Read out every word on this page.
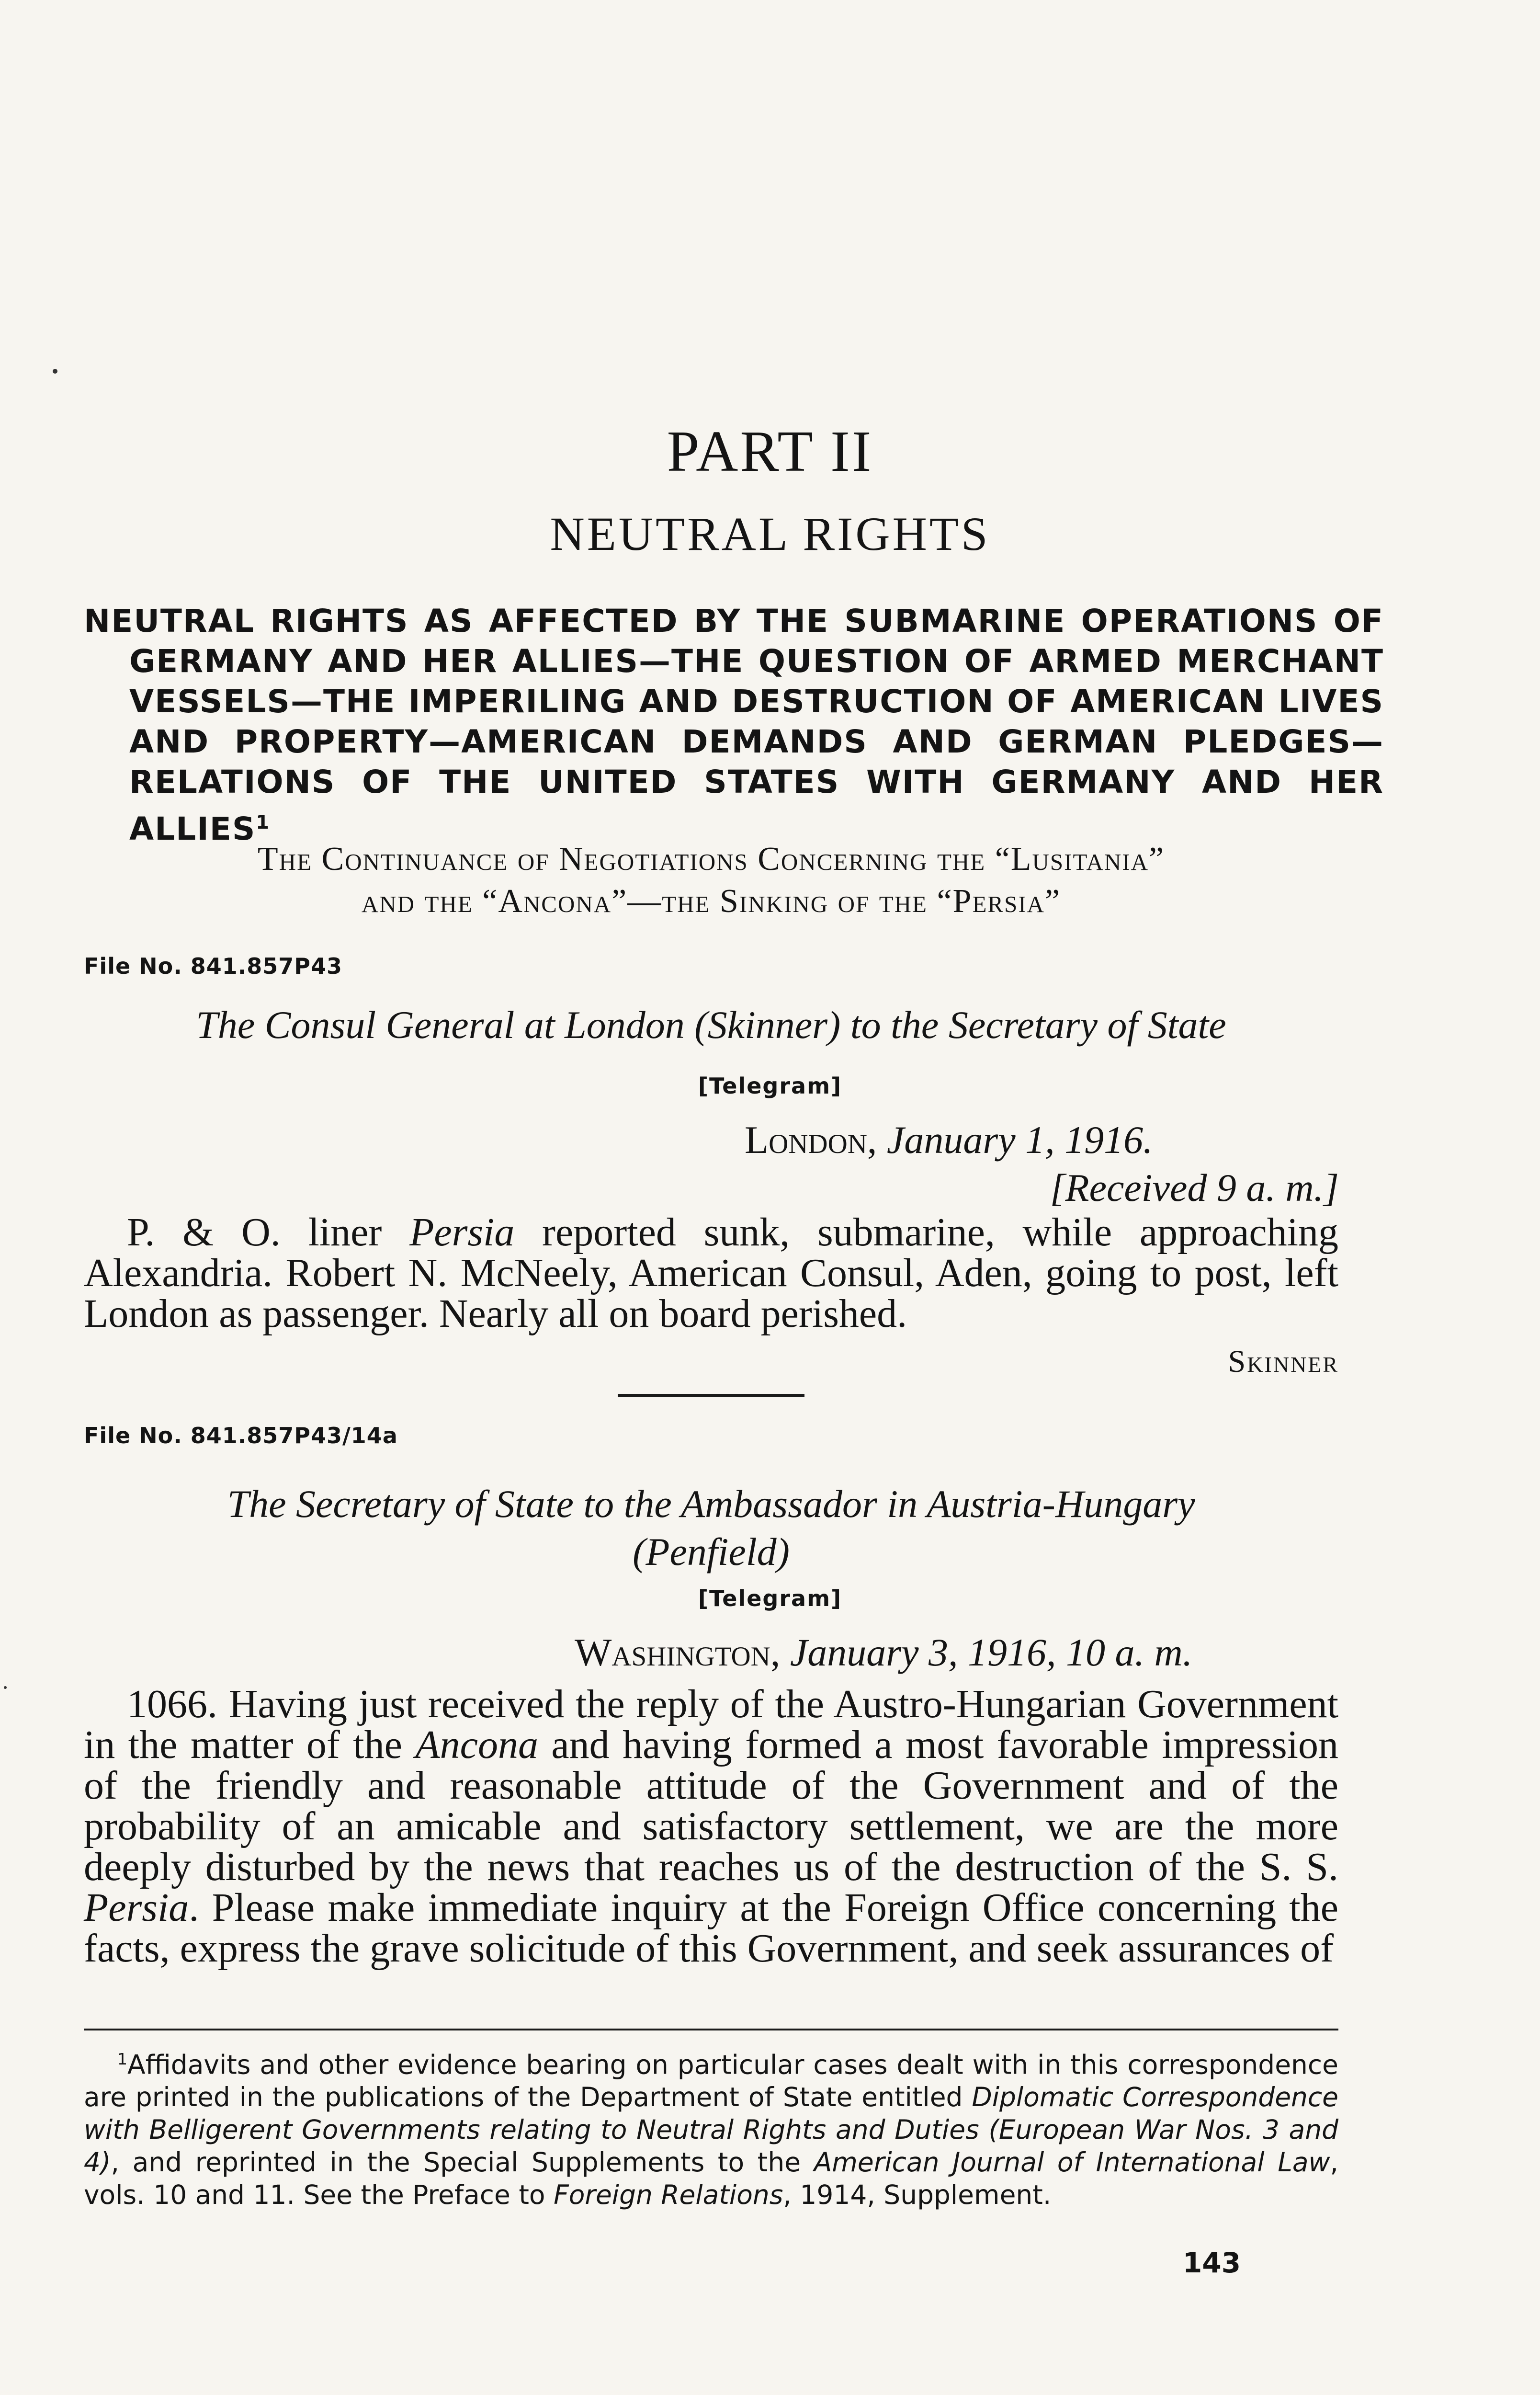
PART II
NEUTRAL RIGHTS
NEUTRAL RIGHTS AS AFFECTED BY THE SUBMARINE OPERATIONS OF GERMANY AND HER ALLIES—THE QUESTION OF ARMED MERCHANT VESSELS—THE IMPERILING AND DESTRUCTION OF AMERICAN LIVES AND PROPERTY—AMERICAN DEMANDS AND GERMAN PLEDGES—RELATIONS OF THE UNITED STATES WITH GERMANY AND HER ALLIES$^1$
The Continuance of Negotiations Concerning the “Lusitania”
and the “Ancona”—the Sinking of the “Persia”
File No. 841.857P43
The Consul General at London (Skinner) to the Secretary of State
[Telegram]
London, January 1, 1916.
[Received 9 a. m.]
P. & O. liner Persia reported sunk, submarine, while approaching Alexandria. Robert N. McNeely, American Consul, Aden, going to post, left London as passenger. Nearly all on board perished.
Skinner
File No. 841.857P43/14a
The Secretary of State to the Ambassador in Austria-Hungary
(Penfield)
[Telegram]
Washington, January 3, 1916, 10 a. m.
1066. Having just received the reply of the Austro-Hungarian Government in the matter of the Ancona and having formed a most favorable impression of the friendly and reasonable attitude of the Government and of the probability of an amicable and satisfactory settlement, we are the more deeply disturbed by the news that reaches us of the destruction of the S. S. Persia. Please make immediate inquiry at the Foreign Office concerning the facts, express the grave solicitude of this Government, and seek assurances of
$^1$Affidavits and other evidence bearing on particular cases dealt with in this correspondence are printed in the publications of the Department of State entitled Diplomatic Correspondence with Belligerent Governments relating to Neutral Rights and Duties (European War Nos. 3 and 4), and reprinted in the Special Supplements to the American Journal of International Law, vols. 10 and 11. See the Preface to Foreign Relations, 1914, Supplement.
143
